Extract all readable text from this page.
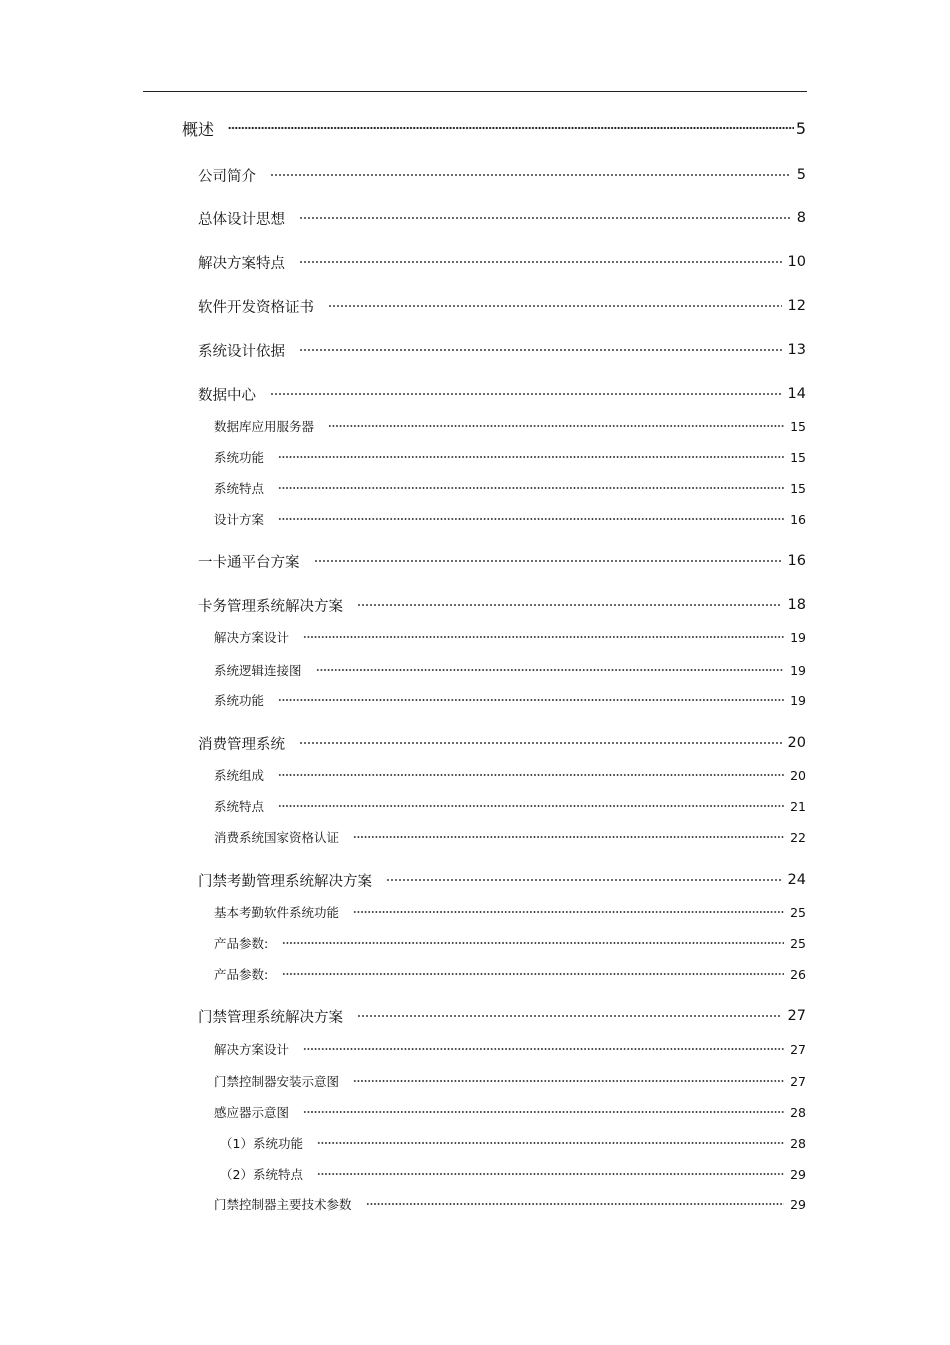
概述	5
公司简介	5
总体设计思想	8
解决方案特点	10
软件开发资格证书	12
系统设计依据	13
数据中心	14
数据库应用服务器	15
系统功能	15
系统特点	15
设计方案	16
一卡通平台方案	16
卡务管理系统解决方案	18
解决方案设计	19
系统逻辑连接图	19
系统功能	19
消费管理系统	20
系统组成	20
系统特点	21
消费系统国家资格认证	22
门禁考勤管理系统解决方案	24
基本考勤软件系统功能	25
产品参数:	25
产品参数:	26
门禁管理系统解决方案	27
解决方案设计	27
门禁控制器安装示意图	27
感应器示意图	28
（1）系统功能	28
（2）系统特点	29
门禁控制器主要技术参数	29
